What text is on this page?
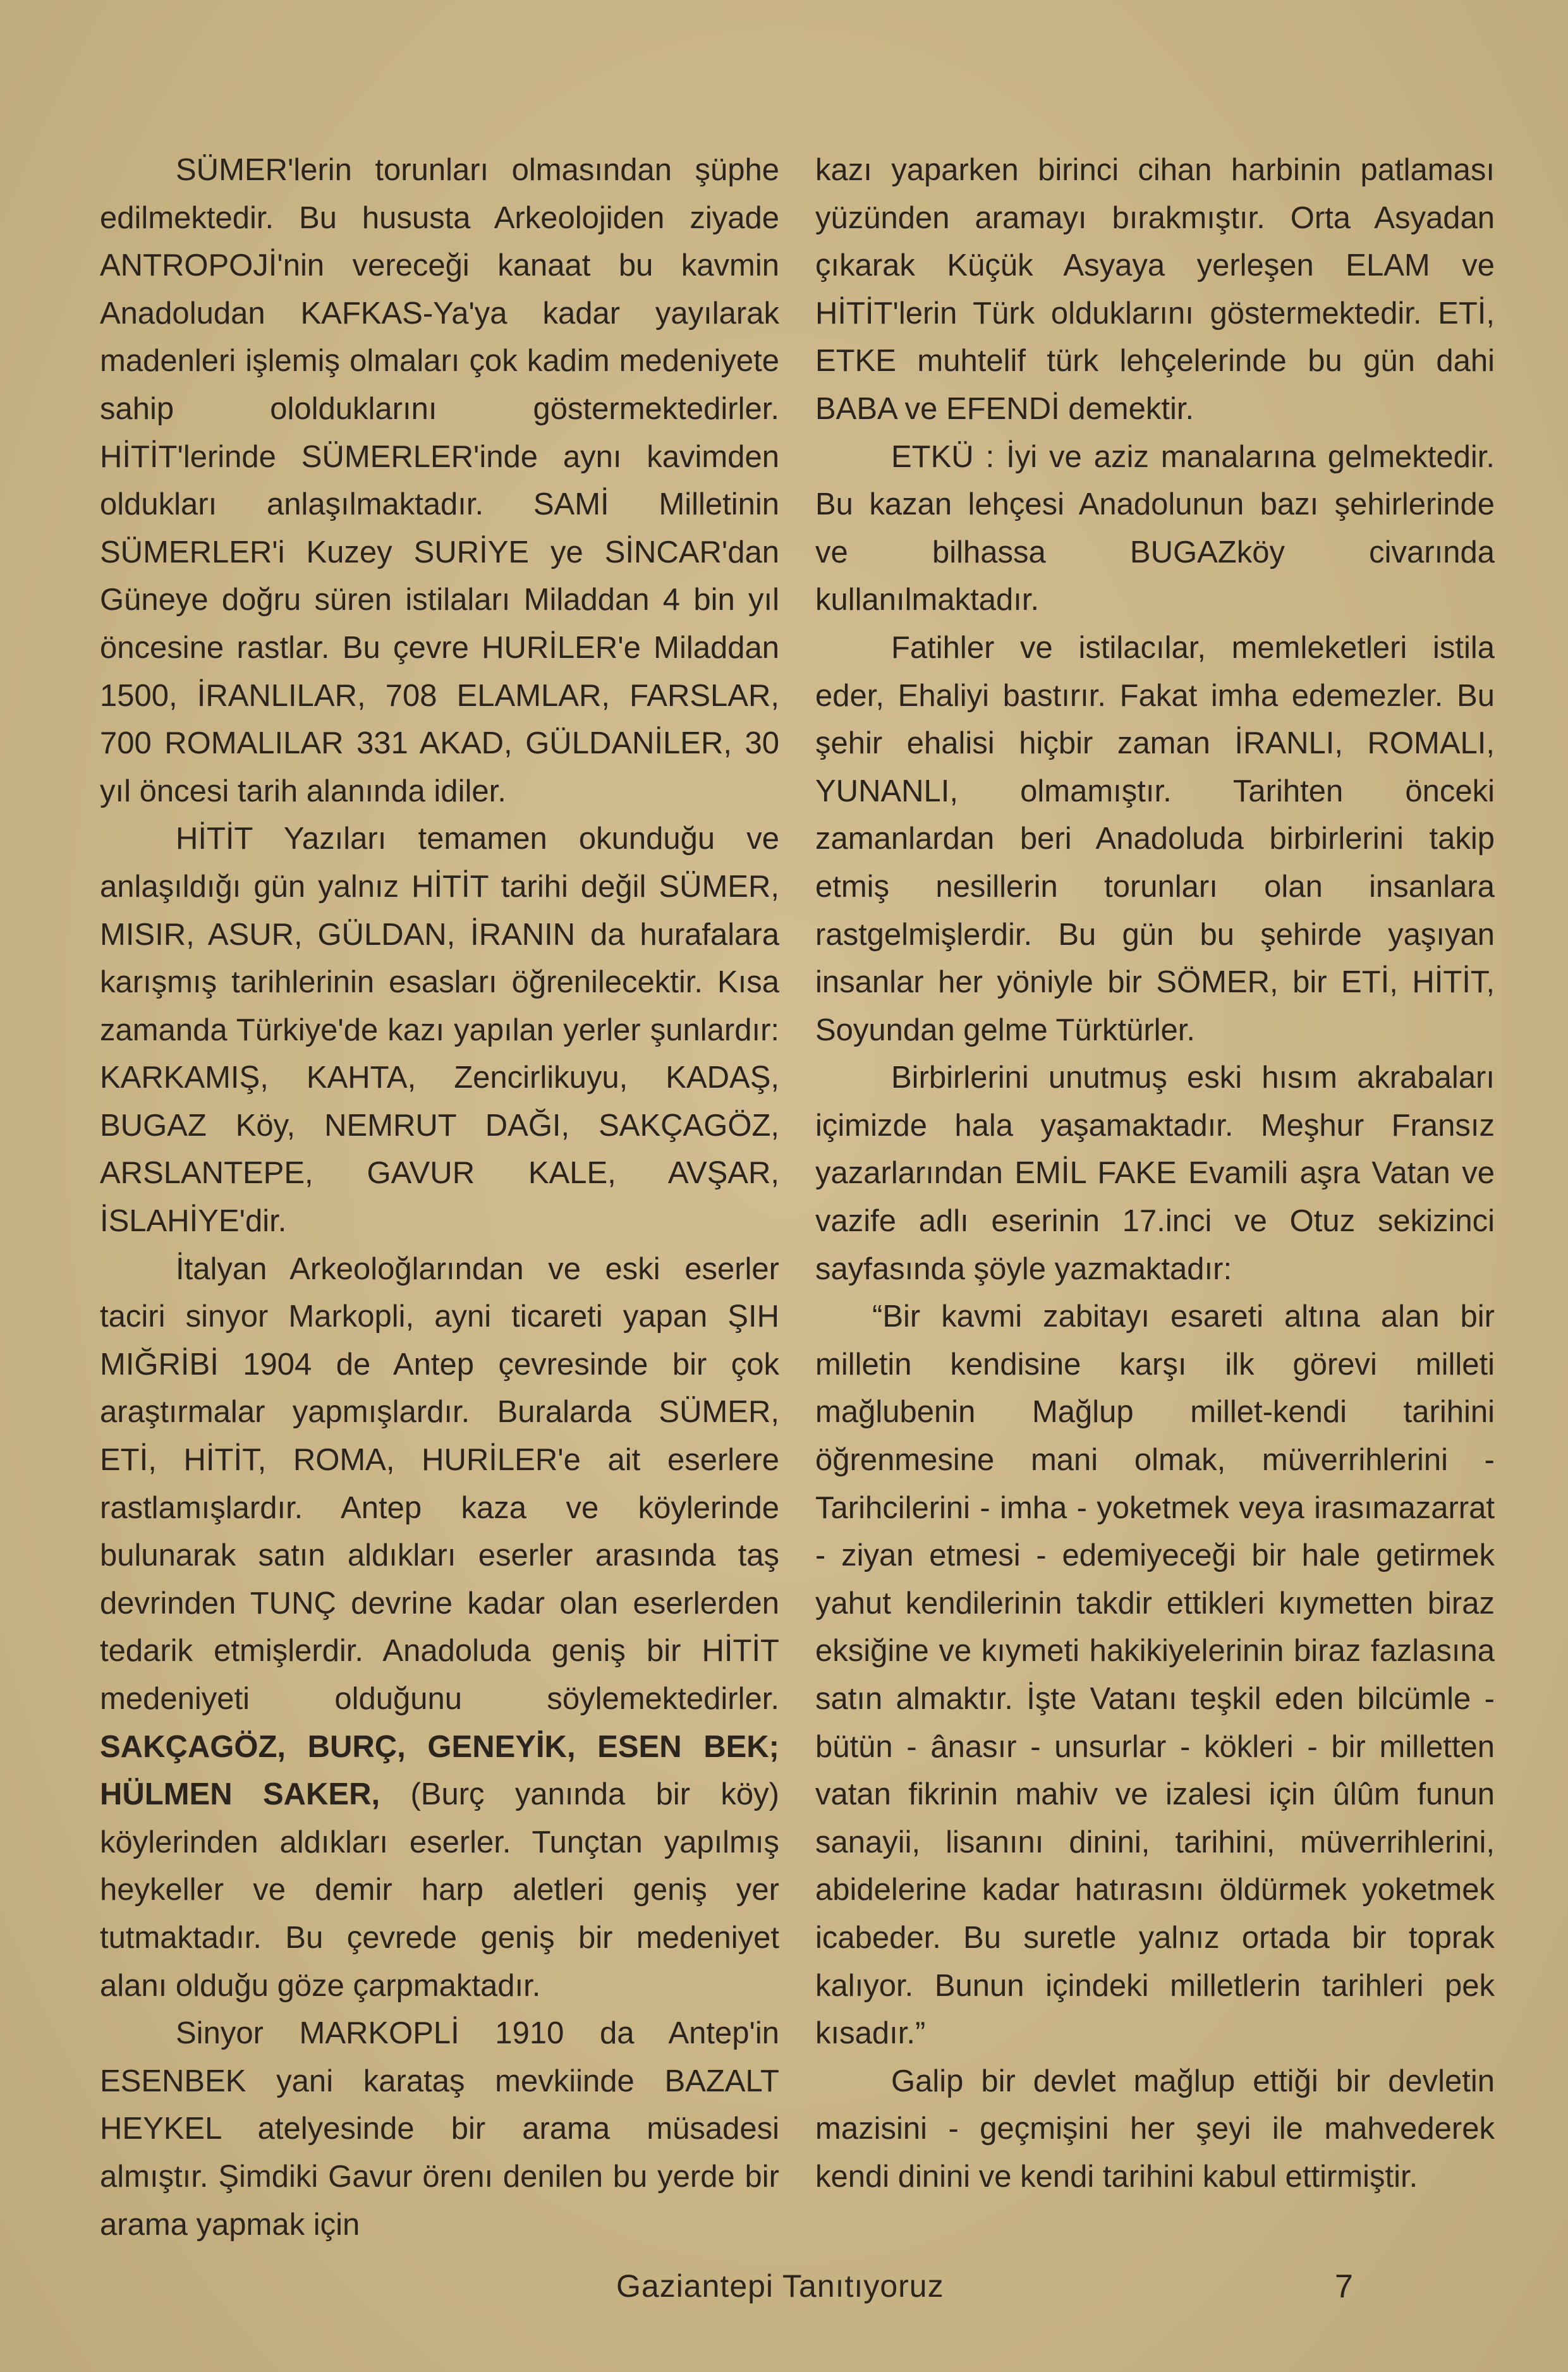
SÜMER'lerin torunları olmasından şüphe edilmektedir. Bu hususta Arkeolojiden ziyade ANTROPOJİ'nin vereceği kanaat bu kavmin Anadoludan KAFKAS-Ya'ya kadar yayılarak madenleri işlemiş olmaları çok kadim medeniyete sahip ololduklarını göstermektedirler. HİTİT'lerinde SÜMERLER'inde aynı kavimden oldukları anlaşılmaktadır. SAMİ Milletinin SÜMERLER'i Kuzey SURİYE ye SİNCAR'dan Güneye doğru süren istilaları Miladdan 4 bin yıl öncesine rastlar. Bu çevre HURİLER'e Miladdan 1500, İRANLILAR, 708 ELAMLAR, FARSLAR, 700 ROMALILAR 331 AKAD, GÜLDANİLER, 30 yıl öncesi tarih alanında idiler.

HİTİT Yazıları temamen okunduğu ve anlaşıldığı gün yalnız HİTİT tarihi değil SÜMER, MISIR, ASUR, GÜLDAN, İRANIN da hurafalara karışmış tarihlerinin esasları öğrenilecektir. Kısa zamanda Türkiye'de kazı yapılan yerler şunlardır: KARKAMIŞ, KAHTA, Zencirlikuyu, KADAŞ, BUGAZ Köy, NEMRUT DAĞI, SAKÇAGÖZ, ARSLANTEPE, GAVUR KALE, AVŞAR, İSLAHİYE'dir.

İtalyan Arkeoloğlarından ve eski eserler taciri sinyor Markopli, ayni ticareti yapan ŞIH MIĞRİBİ 1904 de Antep çevresinde bir çok araştırmalar yapmışlardır. Buralarda SÜMER, ETİ, HİTİT, ROMA, HURİLER'e ait eserlere rastlamışlardır. Antep kaza ve köylerinde bulunarak satın aldıkları eserler arasında taş devrinden TUNÇ devrine kadar olan eserlerden tedarik etmişlerdir. Anadoluda geniş bir HİTİT medeniyeti olduğunu söylemektedirler. SAKÇAGÖZ, BURÇ, GENEYİK, ESEN BEK; HÜLMEN SAKER, (Burç yanında bir köy) köylerinden aldıkları eserler. Tunçtan yapılmış heykeller ve demir harp aletleri geniş yer tutmaktadır. Bu çevrede geniş bir medeniyet alanı olduğu göze çarpmaktadır.

Sinyor MARKOPLİ 1910 da Antep'in ESENBEK yani karataş mevkiinde BAZALT HEYKEL atelyesinde bir arama müsadesi almıştır. Şimdiki Gavur örenı denilen bu yerde bir arama yapmak için

kazı yaparken birinci cihan harbinin patlaması yüzünden aramayı bırakmıştır. Orta Asyadan çıkarak Küçük Asyaya yerleşen ELAM ve HİTİT'lerin Türk olduklarını göstermektedir. ETİ, ETKE muhtelif türk lehçelerinde bu gün dahi BABA ve EFENDİ demektir.

ETKÜ : İyi ve aziz manalarına gelmektedir. Bu kazan lehçesi Anadolunun bazı şehirlerinde ve bilhassa BUGAZköy civarında kullanılmaktadır.

Fatihler ve istilacılar, memleketleri istila eder, Ehaliyi bastırır. Fakat imha edemezler. Bu şehir ehalisi hiçbir zaman İRANLI, ROMALI, YUNANLI, olmamıştır. Tarihten önceki zamanlardan beri Anadoluda birbirlerini takip etmiş nesillerin torunları olan insanlara rastgelmişlerdir. Bu gün bu şehirde yaşıyan insanlar her yöniyle bir SÖMER, bir ETİ, HİTİT, Soyundan gelme Türktürler.

Birbirlerini unutmuş eski hısım akrabaları içimizde hala yaşamaktadır. Meşhur Fransız yazarlarından EMİL FAKE Evamili aşra Vatan ve vazife adlı eserinin 17.inci ve Otuz sekizinci sayfasında şöyle yazmaktadır:

“Bir kavmi zabitayı esareti altına alan bir milletin kendisine karşı ilk görevi milleti mağlubenin Mağlup millet-kendi tarihini öğrenmesine mani olmak, müverrihlerini - Tarihcilerini - imha - yoketmek veya irasımazarrat - ziyan etmesi - edemiyeceği bir hale getirmek yahut kendilerinin takdir ettikleri kıymetten biraz eksiğine ve kıymeti hakikiyelerinin biraz fazlasına satın almaktır. İşte Vatanı teşkil eden bilcümle - bütün - ânasır - unsurlar - kökleri - bir milletten vatan fikrinin mahiv ve izalesi için ûlûm funun sanayii, lisanını dinini, tarihini, müverrihlerini, abidelerine kadar hatırasını öldürmek yoketmek icabeder. Bu suretle yalnız ortada bir toprak kalıyor. Bunun içindeki milletlerin tarihleri pek kısadır.”

Galip bir devlet mağlup ettiği bir devletin mazisini - geçmişini her şeyi ile mahvederek kendi dinini ve kendi tarihini kabul ettirmiştir.

Gaziantepi Tanıtıyoruz	7
